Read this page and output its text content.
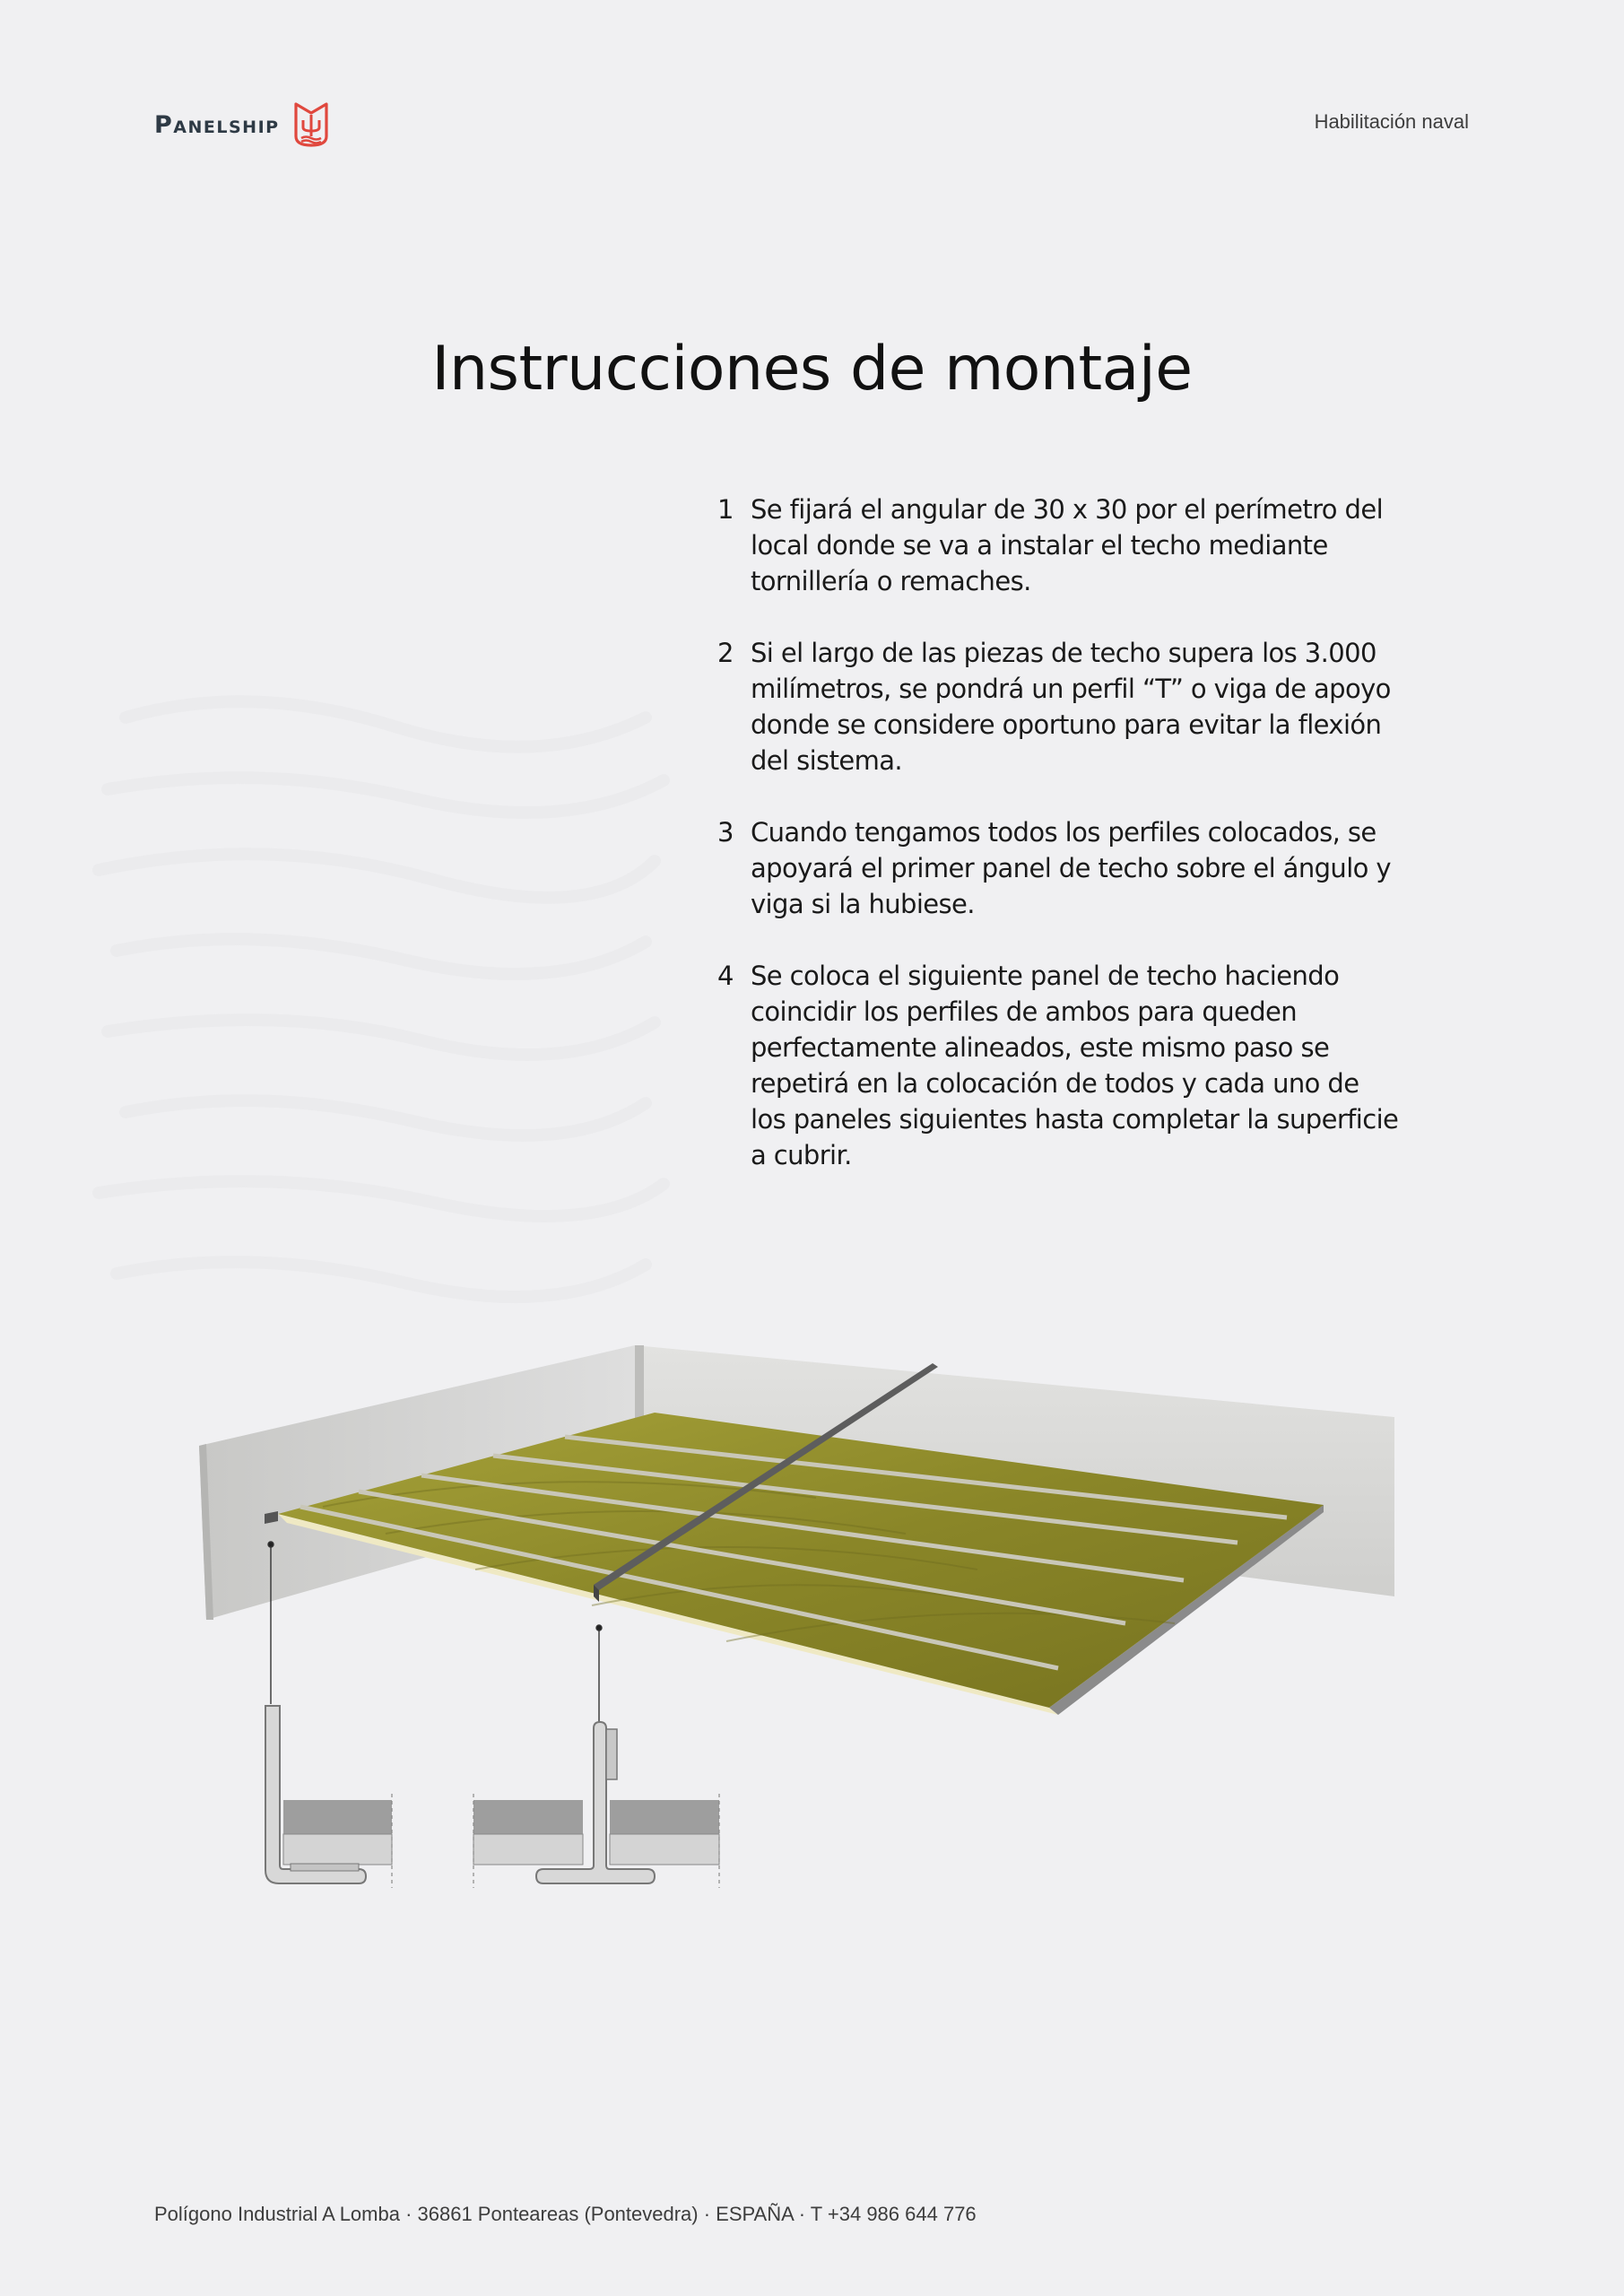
Panelship	Habilitación naval
Instrucciones de montaje
1 Se fijará el angular de 30 x 30 por el perímetro del local donde se va a instalar el techo mediante tornillería o remaches.
2 Si el largo de las piezas de techo supera los 3.000 milímetros, se pondrá un perfil “T” o viga de apoyo donde se considere oportuno para evitar la flexión del sistema.
3 Cuando tengamos todos los perfiles colocados, se apoyará el primer panel de techo sobre el ángulo y viga si la hubiese.
4 Se coloca el siguiente panel de techo haciendo coincidir los perfiles de ambos para queden perfectamente alineados, este mismo paso se repetirá en la colocación de todos y cada uno de los paneles siguientes hasta completar la superficie a cubrir.
Polígono Industrial A Lomba · 36861 Ponteareas (Pontevedra) · ESPAÑA · T +34 986 644 776
